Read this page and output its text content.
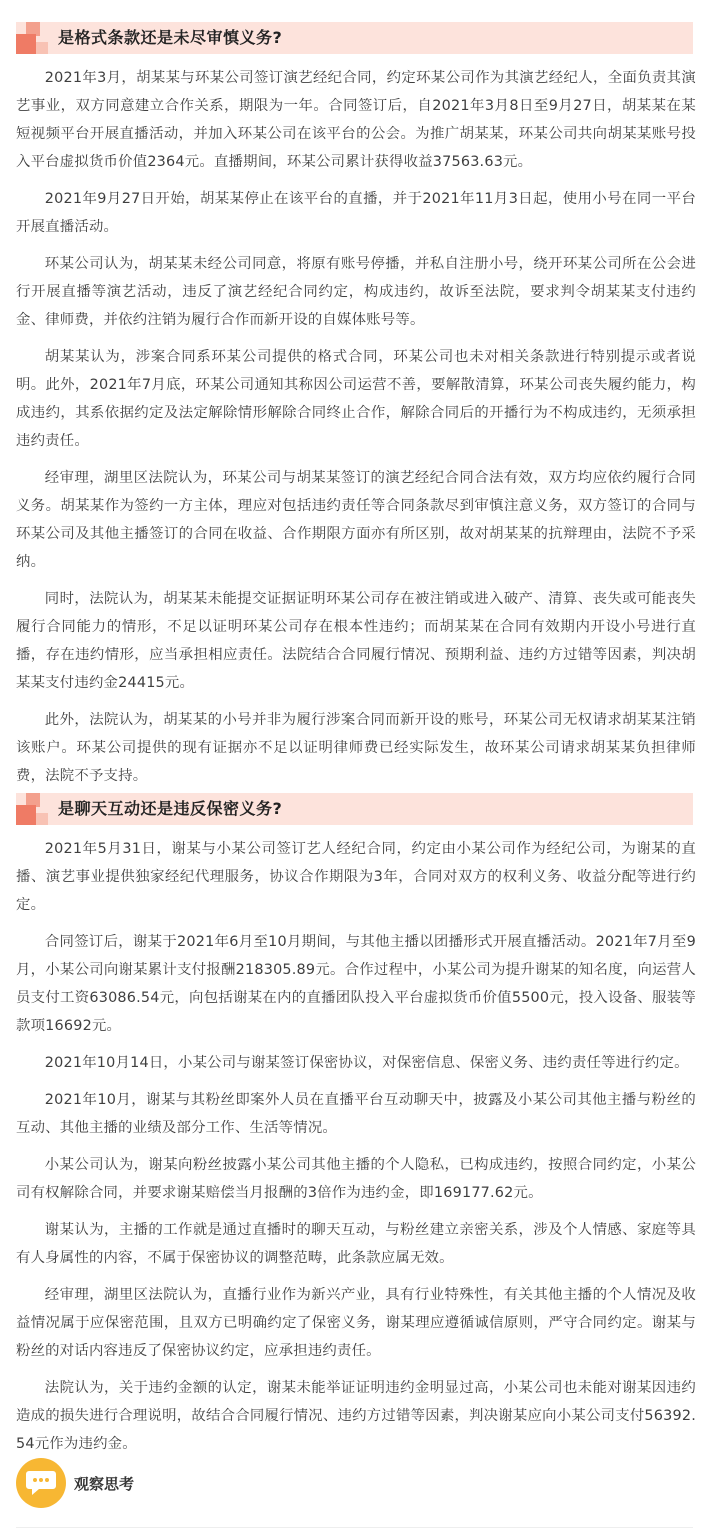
是格式条款还是未尽审慎义务?

2021年3月，胡某某与环某公司签订演艺经纪合同，约定环某公司作为其演艺经纪人，全面负责其演艺事业，双方同意建立合作关系，期限为一年。合同签订后，自2021年3月8日至9月27日，胡某某在某短视频平台开展直播活动，并加入环某公司在该平台的公会。为推广胡某某，环某公司共向胡某某账号投入平台虚拟货币价值2364元。直播期间，环某公司累计获得收益37563.63元。

2021年9月27日开始，胡某某停止在该平台的直播，并于2021年11月3日起，使用小号在同一平台开展直播活动。

环某公司认为，胡某某未经公司同意，将原有账号停播，并私自注册小号，绕开环某公司所在公会进行开展直播等演艺活动，违反了演艺经纪合同约定，构成违约，故诉至法院，要求判令胡某某支付违约金、律师费，并依约注销为履行合作而新开设的自媒体账号等。

胡某某认为，涉案合同系环某公司提供的格式合同，环某公司也未对相关条款进行特别提示或者说明。此外，2021年7月底，环某公司通知其称因公司运营不善，要解散清算，环某公司丧失履约能力，构成违约，其系依据约定及法定解除情形解除合同终止合作，解除合同后的开播行为不构成违约，无须承担违约责任。

经审理，湖里区法院认为，环某公司与胡某某签订的演艺经纪合同合法有效，双方均应依约履行合同义务。胡某某作为签约一方主体，理应对包括违约责任等合同条款尽到审慎注意义务，双方签订的合同与环某公司及其他主播签订的合同在收益、合作期限方面亦有所区别，故对胡某某的抗辩理由，法院不予采纳。

同时，法院认为，胡某某未能提交证据证明环某公司存在被注销或进入破产、清算、丧失或可能丧失履行合同能力的情形，不足以证明环某公司存在根本性违约；而胡某某在合同有效期内开设小号进行直播，存在违约情形，应当承担相应责任。法院结合合同履行情况、预期利益、违约方过错等因素，判决胡某某支付违约金24415元。

此外，法院认为，胡某某的小号并非为履行涉案合同而新开设的账号，环某公司无权请求胡某某注销该账户。环某公司提供的现有证据亦不足以证明律师费已经实际发生，故环某公司请求胡某某负担律师费，法院不予支持。

是聊天互动还是违反保密义务?

2021年5月31日，谢某与小某公司签订艺人经纪合同，约定由小某公司作为经纪公司，为谢某的直播、演艺事业提供独家经纪代理服务，协议合作期限为3年，合同对双方的权利义务、收益分配等进行约定。

合同签订后，谢某于2021年6月至10月期间，与其他主播以团播形式开展直播活动。2021年7月至9月，小某公司向谢某累计支付报酬218305.89元。合作过程中，小某公司为提升谢某的知名度，向运营人员支付工资63086.54元，向包括谢某在内的直播团队投入平台虚拟货币价值5500元，投入设备、服装等款项16692元。

2021年10月14日，小某公司与谢某签订保密协议，对保密信息、保密义务、违约责任等进行约定。

2021年10月，谢某与其粉丝即案外人员在直播平台互动聊天中，披露及小某公司其他主播与粉丝的互动、其他主播的业绩及部分工作、生活等情况。

小某公司认为，谢某向粉丝披露小某公司其他主播的个人隐私，已构成违约，按照合同约定，小某公司有权解除合同，并要求谢某赔偿当月报酬的3倍作为违约金，即169177.62元。

谢某认为，主播的工作就是通过直播时的聊天互动，与粉丝建立亲密关系，涉及个人情感、家庭等具有人身属性的内容，不属于保密协议的调整范畴，此条款应属无效。

经审理，湖里区法院认为，直播行业作为新兴产业，具有行业特殊性，有关其他主播的个人情况及收益情况属于应保密范围，且双方已明确约定了保密义务，谢某理应遵循诚信原则，严守合同约定。谢某与粉丝的对话内容违反了保密协议约定，应承担违约责任。

法院认为，关于违约金额的认定，谢某未能举证证明违约金明显过高，小某公司也未能对谢某因违约造成的损失进行合理说明，故结合合同履行情况、违约方过错等因素，判决谢某应向小某公司支付56392.54元作为违约金。

观察思考
